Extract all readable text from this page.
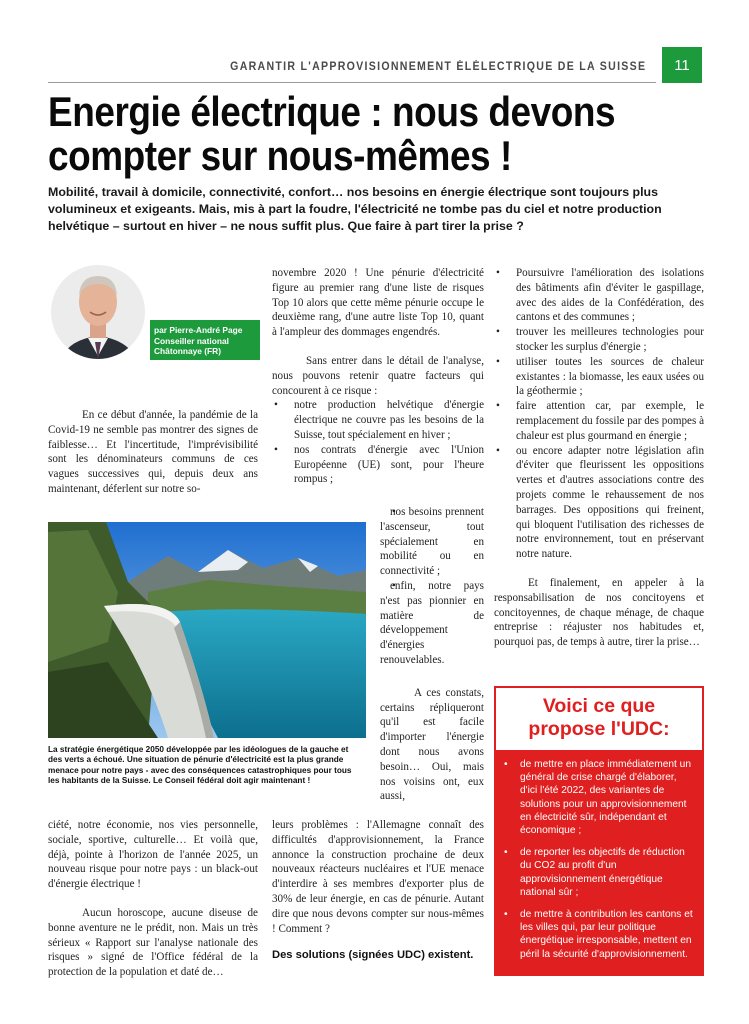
GARANTIR L'APPROVISIONNEMENT ÉLÉLECTRIQUE DE LA SUISSE	11
Energie électrique : nous devons
compter sur nous-mêmes !

Mobilité, travail à domicile, connectivité, confort… nos besoins en énergie électrique sont toujours plus volumineux et exigeants. Mais, mis à part la foudre, l'électricité ne tombe pas du ciel et notre production helvétique – surtout en hiver – ne nous suffit plus. Que faire à part tirer la prise ?

par Pierre-André Page
Conseiller national
Châtonnaye (FR)

En ce début d'année, la pandémie de la Covid-19 ne semble pas montrer des signes de faiblesse… Et l'incertitude, l'imprévisibilité sont les dénominateurs communs de ces vagues successives qui, depuis deux ans maintenant, déferlent sur notre so-

La stratégie énergétique 2050 développée par les idéologues de la gauche et des verts a échoué. Une situation de pénurie d'électricité est la plus grande menace pour notre pays - avec des conséquences catastrophiques pour tous les habitants de la Suisse. Le Conseil fédéral doit agir maintenant !

ciété, notre économie, nos vies personnelle, sociale, sportive, culturelle… Et voilà que, déjà, pointe à l'horizon de l'année 2025, un nouveau risque pour notre pays : un black-out d'énergie électrique !

Aucun horoscope, aucune diseuse de bonne aventure ne le prédit, non. Mais un très sérieux « Rapport sur l'analyse nationale des risques » signé de l'Office fédéral de la protection de la population et daté de…

novembre 2020 ! Une pénurie d'électricité figure au premier rang d'une liste de risques Top 10 alors que cette même pénurie occupe le deuxième rang, d'une autre liste Top 10, quant à l'ampleur des dommages engendrés.

Sans entrer dans le détail de l'analyse, nous pouvons retenir quatre facteurs qui concourent à ce risque :

• notre production helvétique d'énergie électrique ne couvre pas les besoins de la Suisse, tout spécialement en hiver ;
• nos contrats d'énergie avec l'Union Européenne (UE) sont, pour l'heure rompus ;
• nos besoins prennent l'ascenseur, tout spécialement en mobilité ou en connectivité ;
• enfin, notre pays n'est pas pionnier en matière de développement d'énergies renouvelables.

A ces constats, certains répliqueront qu'il est facile d'importer l'énergie dont nous avons besoin… Oui, mais nos voisins ont, eux aussi,

leurs problèmes : l'Allemagne connaît des difficultés d'approvisionnement, la France annonce la construction prochaine de deux nouveaux réacteurs nucléaires et l'UE menace d'interdire à ses membres d'exporter plus de 30% de leur énergie, en cas de pénurie. Autant dire que nous devons compter sur nous-mêmes ! Comment ?

Des solutions (signées UDC) existent.

• Poursuivre l'amélioration des isolations des bâtiments afin d'éviter le gaspillage, avec des aides de la Confédération, des cantons et des communes ;
• trouver les meilleures technologies pour stocker les surplus d'énergie ;
• utiliser toutes les sources de chaleur existantes : la biomasse, les eaux usées ou la géothermie ;
• faire attention car, par exemple, le remplacement du fossile par des pompes à chaleur est plus gourmand en énergie ;
• ou encore adapter notre législation afin d'éviter que fleurissent les oppositions vertes et d'autres associations contre des projets comme le rehaussement de nos barrages. Des oppositions qui freinent, qui bloquent l'utilisation des richesses de notre environnement, tout en préservant notre nature.

Et finalement, en appeler à la responsabilisation de nos concitoyens et concitoyennes, de chaque ménage, de chaque entreprise : réajuster nos habitudes et, pourquoi pas, de temps à autre, tirer la prise…

Voici ce que
propose l'UDC:
• de mettre en place immédiatement un général de crise chargé d'élaborer, d'ici l'été 2022, des variantes de solutions pour un approvisionnement en électricité sûr, indépendant et économique ;
• de reporter les objectifs de réduction du CO2 au profit d'un approvisionnement énergétique national sûr ;
• de mettre à contribution les cantons et les villes qui, par leur politique énergétique irresponsable, mettent en péril la sécurité d'approvisionnement.
